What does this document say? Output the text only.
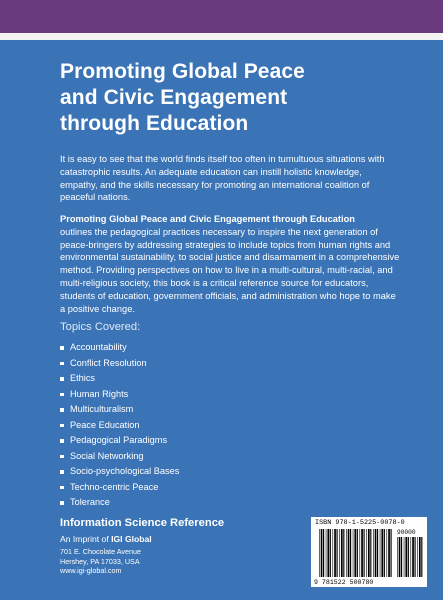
Promoting Global Peace
and Civic Engagement
through Education

It is easy to see that the world finds itself too often in tumultuous situations with catastrophic results. An adequate education can instill holistic knowledge, empathy, and the skills necessary for promoting an international coalition of peaceful nations.

Promoting Global Peace and Civic Engagement through Education
outlines the pedagogical practices necessary to inspire the next generation of peace-bringers by addressing strategies to include topics from human rights and environmental sustainability, to social justice and disarmament in a comprehensive method. Providing perspectives on how to live in a multi-cultural, multi-racial, and multi-religious society, this book is a critical reference source for educators, students of education, government officials, and administration who hope to make a positive change.

Topics Covered:

Accountability
Conflict Resolution
Ethics
Human Rights
Multiculturalism
Peace Education
Pedagogical Paradigms
Social Networking
Socio-psychological Bases
Techno-centric Peace
Tolerance

Information Science Reference

An Imprint of IGI Global

701 E. Chocolate Avenue
Hershey, PA 17033, USA
www.igi-global.com

ISBN 978-1-5225-0078-0
90000
9 781522 500780
